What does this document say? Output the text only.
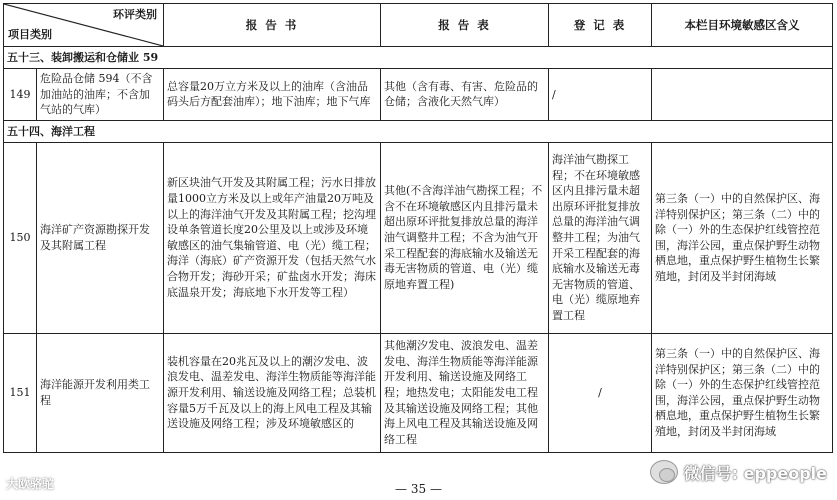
环评类别
项目类别		报 告 书	报 告 表	登 记 表	本栏目环境敏感区含义
五十三、装卸搬运和仓储业 59					
149	危险品仓储 594（不含加油站的油库；不含加气站的气库）	总容量20万立方米及以上的油库（含油品码头后方配套油库）；地下油库；地下气库	其他（含有毒、有害、危险品的仓储；含液化天然气库）	/	
五十四、海洋工程					
150	海洋矿产资源勘探开发及其附属工程	新区块油气开发及其附属工程；污水日排放量1000立方米及以上或年产油量20万吨及以上的海洋油气开发及其附属工程；挖沟埋设单条管道长度20公里及以上或涉及环境敏感区的油气集输管道、电（光）缆工程；海洋（海底）矿产资源开发（包括天然气水合物开发；海砂开采；矿盐卤水开发；海床底温泉开发；海底地下水开发等工程）	其他(不含海洋油气勘探工程；不含不在环境敏感区内且排污量未超出原环评批复排放总量的海洋油气调整井工程；不含为油气开采工程配套的海底输水及输送无毒无害物质的管道、电（光）缆原地弃置工程)	海洋油气勘探工程；不在环境敏感区内且排污量未超出原环评批复排放总量的海洋油气调整井工程；为油气开采工程配套的海底输水及输送无毒无害物质的管道、电（光）缆原地弃置工程	第三条（一）中的自然保护区、海洋特别保护区；第三条（二）中的除（一）外的生态保护红线管控范围，海洋公园，重点保护野生动物栖息地，重点保护野生植物生长繁殖地，封闭及半封闭海域
151	海洋能源开发利用类工程	装机容量在20兆瓦及以上的潮汐发电、波浪发电、温差发电、海洋生物质能等海洋能源开发利用、输送设施及网络工程；总装机容量5万千瓦及以上的海上风电工程及其输送设施及网络工程；涉及环境敏感区的	其他潮汐发电、波浪发电、温差发电、海洋生物质能等海洋能源开发利用、输送设施及网络工程；地热发电；太阳能发电工程及其输送设施及网络工程；其他海上风电工程及其输送设施及网络工程	/	第三条（一）中的自然保护区、海洋特别保护区；第三条（二）中的除（一）外的生态保护红线管控范围，海洋公园，重点保护野生动物栖息地，重点保护野生植物生长繁殖地，封闭及半封闭海域
大欧骆驼
微信号: eppeople
— 35 —
